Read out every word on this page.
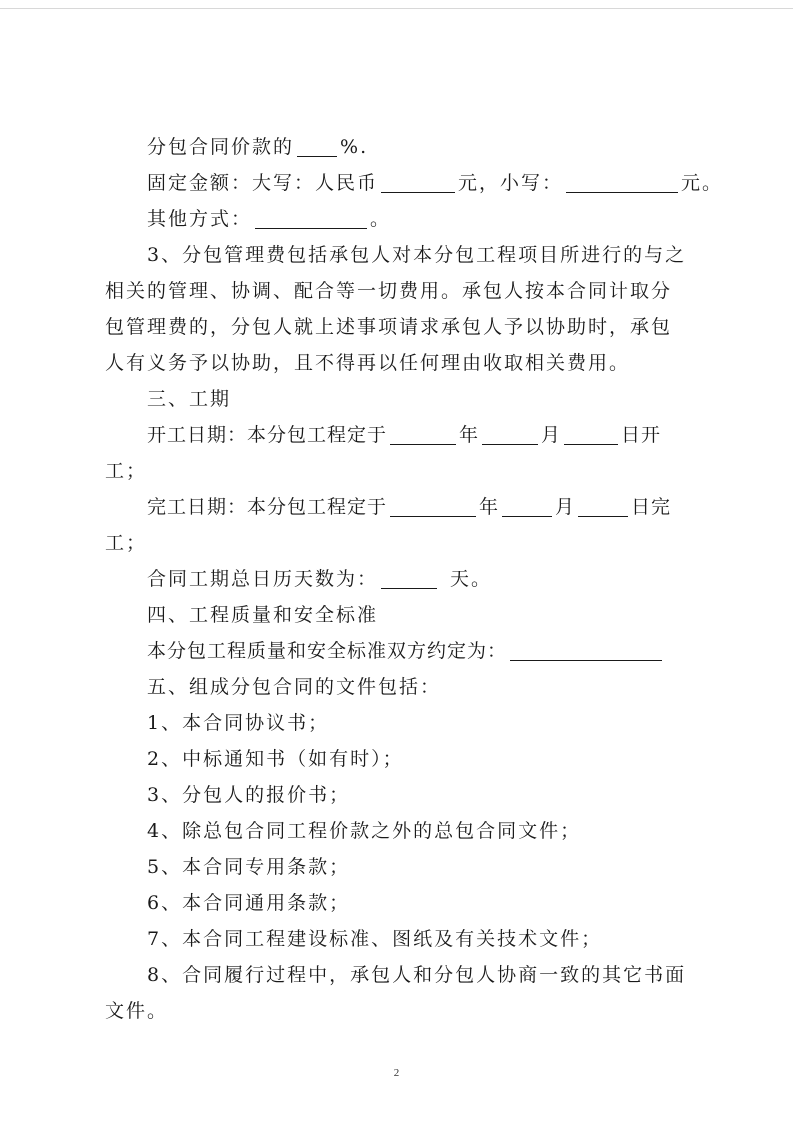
分包合同价款的 %.
固定金额：大写：人民币	元，小写：	元。
其他方式：	。
3、分包管理费包括承包人对本分包工程项目所进行的与之
相关的管理、协调、配合等一切费用。承包人按本合同计取分
包管理费的，分包人就上述事项请求承包人予以协助时，承包
人有义务予以协助，且不得再以任何理由收取相关费用。
三、工期
开工日期：本分包工程定于	年	月	日开
工；
完工日期：本分包工程定于	年	月	日完
工；
合同工期总日历天数为：	天。
四、工程质量和安全标准
本分包工程质量和安全标准双方约定为：
五、组成分包合同的文件包括：
1、本合同协议书；
2、中标通知书（如有时）；
3、分包人的报价书；
4、除总包合同工程价款之外的总包合同文件；
5、本合同专用条款；
6、本合同通用条款；
7、本合同工程建设标准、图纸及有关技术文件；
8、合同履行过程中，承包人和分包人协商一致的其它书面
文件。
2
